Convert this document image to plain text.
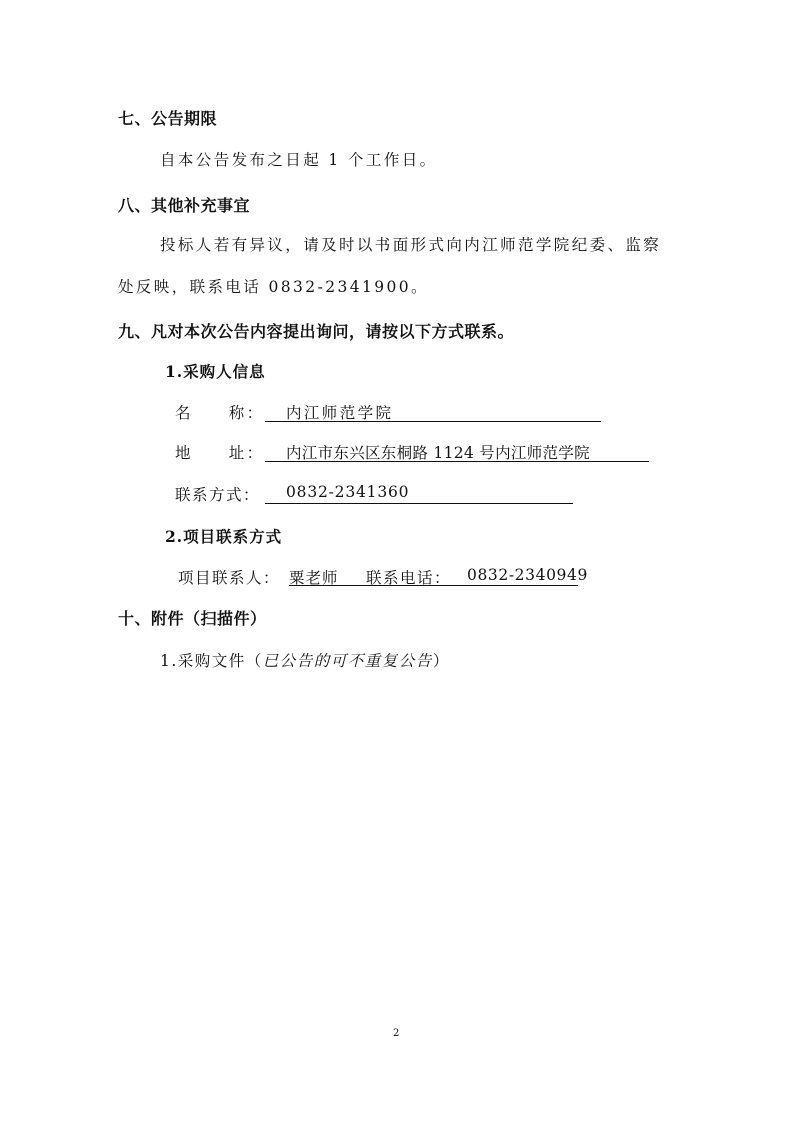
七、公告期限
自本公告发布之日起 1 个工作日。
八、其他补充事宜
投标人若有异议，请及时以书面形式向内江师范学院纪委、监察
处反映，联系电话 0832-2341900。
九、凡对本次公告内容提出询问，请按以下方式联系。
1.采购人信息
名　　称： 内江师范学院
地　　址： 内江市东兴区东桐路 1124 号内江师范学院
联系方式： 0832-2341360
2.项目联系方式
项目联系人： 粟老师 联系电话： 0832-2340949
十、附件（扫描件）
1.采购文件（已公告的可不重复公告）
2
